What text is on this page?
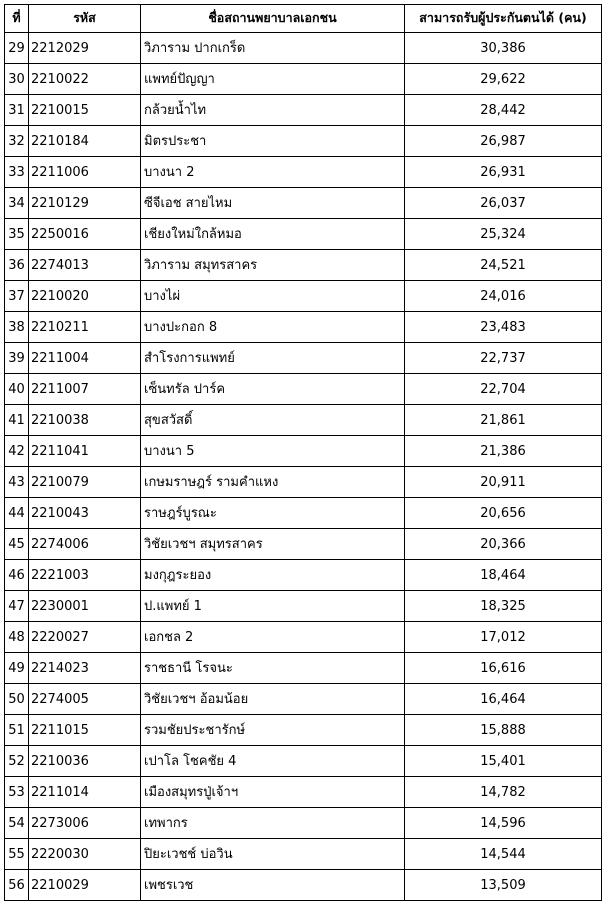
ที่	รหัส	ชื่อสถานพยาบาลเอกชน	สามารถรับผู้ประกันตนได้ (คน)
29	2212029	วิภาราม ปากเกร็ด	30,386
30	2210022	แพทย์ปัญญา	29,622
31	2210015	กล้วยน้ำไท	28,442
32	2210184	มิตรประชา	26,987
33	2211006	บางนา 2	26,931
34	2210129	ซีจีเอช สายไหม	26,037
35	2250016	เชียงใหม่ใกล้หมอ	25,324
36	2274013	วิภาราม สมุทรสาคร	24,521
37	2210020	บางไผ่	24,016
38	2210211	บางปะกอก 8	23,483
39	2211004	สำโรงการแพทย์	22,737
40	2211007	เซ็นทรัล ปาร์ค	22,704
41	2210038	สุขสวัสดิ์	21,861
42	2211041	บางนา 5	21,386
43	2210079	เกษมราษฎร์ รามคำแหง	20,911
44	2210043	ราษฎร์บูรณะ	20,656
45	2274006	วิชัยเวชฯ สมุทรสาคร	20,366
46	2221003	มงกุฎระยอง	18,464
47	2230001	ป.แพทย์ 1	18,325
48	2220027	เอกชล 2	17,012
49	2214023	ราชธานี โรจนะ	16,616
50	2274005	วิชัยเวชฯ อ้อมน้อย	16,464
51	2211015	รวมชัยประชารักษ์	15,888
52	2210036	เปาโล โชคชัย 4	15,401
53	2211014	เมืองสมุทรปู่เจ้าฯ	14,782
54	2273006	เทพากร	14,596
55	2220030	ปิยะเวชช์ บ่อวิน	14,544
56	2210029	เพชรเวช	13,509
